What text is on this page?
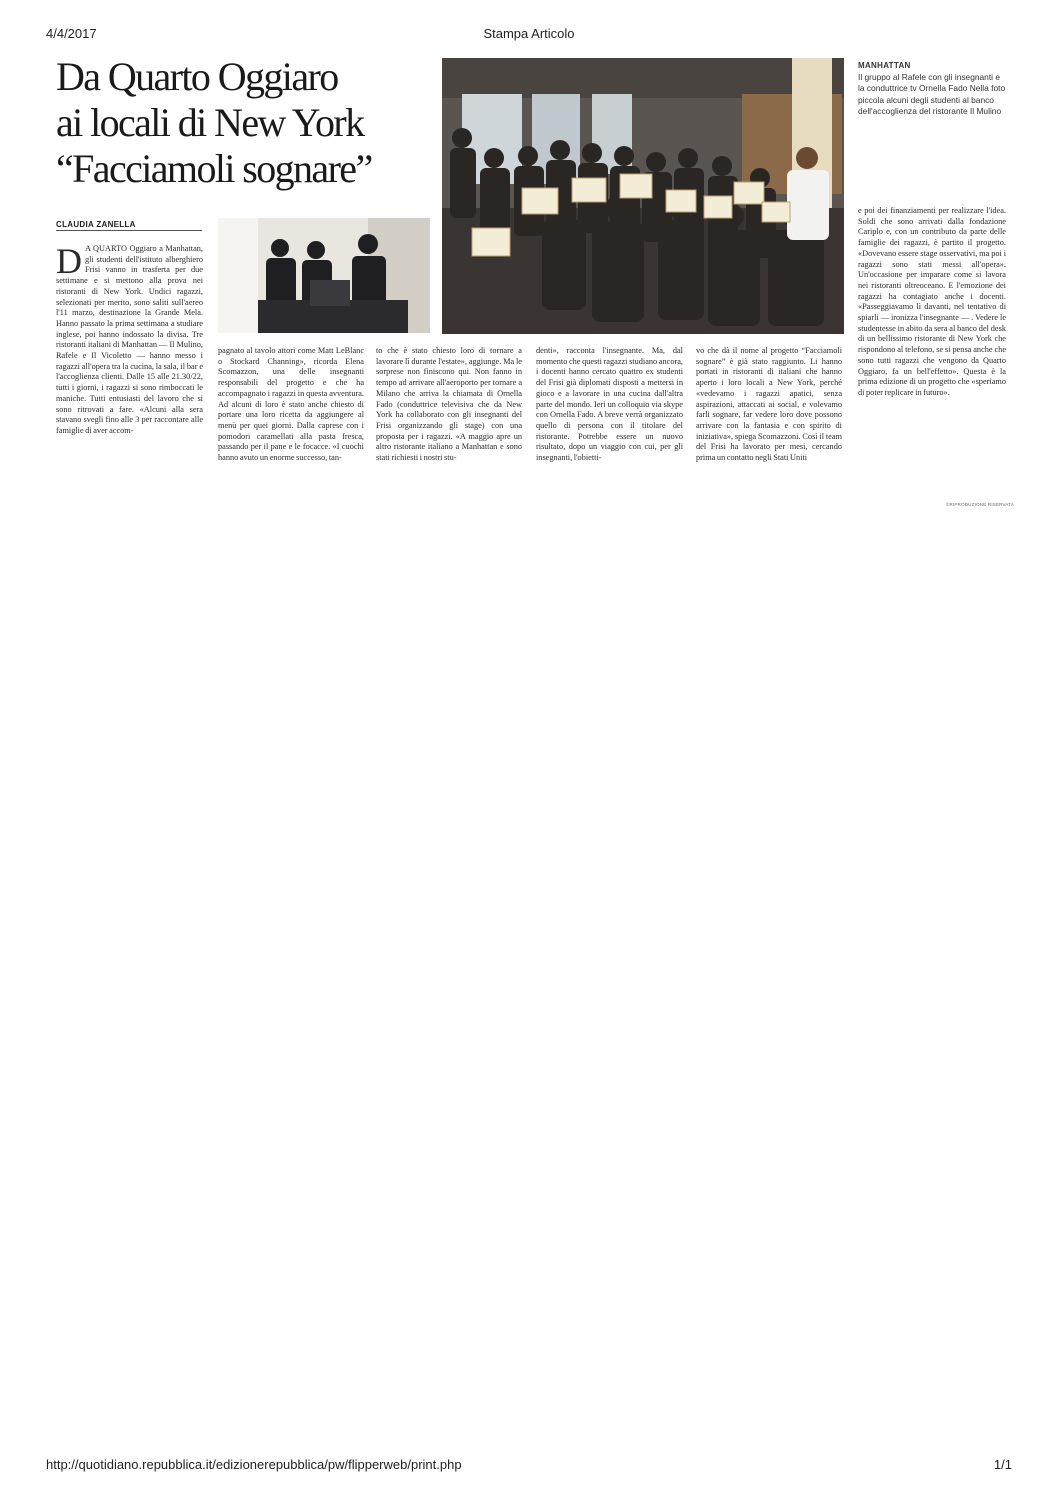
4/4/2017	Stampa Articolo
Da Quarto Oggiaro
ai locali di New York
“Facciamoli sognare”
CLAUDIA ZANELLA
MANHATTAN
Il gruppo al Rafele con gli insegnanti e la conduttrice tv Ornella Fado Nella foto piccola alcuni degli studenti al banco dell'accoglienza del ristorante Il Mulino
D A QUARTO Oggiaro a Manhattan, gli studenti dell'istituto alberghiero Frisi vanno in trasferta per due settimane e si mettono alla prova nei ristoranti di New York. Undici ragazzi, selezionati per merito, sono saliti sull'aereo l'11 marzo, destinazione la Grande Mela. Hanno passato la prima settimana a studiare inglese, poi hanno indossato la divisa. Tre ristoranti italiani di Manhattan — Il Mulino, Rafele e Il Vicoletto — hanno messo i ragazzi all'opera tra la cucina, la sala, il bar e l'accoglienza clienti. Dalle 15 alle 21.30/22, tutti i giorni, i ragazzi si sono rimboccati le maniche. Tutti entusiasti del lavoro che si sono ritrovati a fare. «Alcuni alla sera stavano svegli fino alle 3 per raccontare alle famiglie di aver accom-

pagnato al tavolo attori come Matt LeBlanc o Stockard Channing», ricorda Elena Scomazzon, una delle insegnanti responsabili del progetto e che ha accompagnato i ragazzi in questa avventura. Ad alcuni di loro è stato anche chiesto di portare una loro ricetta da aggiungere al menù per quei giorni. Dalla caprese con i pomodori caramellati alla pasta fresca, passando per il pane e le focacce. «I cuochi hanno avuto un enorme successo, tan-

to che è stato chiesto loro di tornare a lavorare lì durante l'estate», aggiunge. Ma le sorprese non finiscono qui. Non fanno in tempo ad arrivare all'aeroporto per tornare a Milano che arriva la chiamata di Ornella Fado (conduttrice televisiva che da New York ha collaborato con gli insegnanti del Frisi organizzando gli stage) con una proposta per i ragazzi. «A maggio apre un altro ristorante italiano a Manhattan e sono stati richiesti i nostri stu-

denti», racconta l'insegnante. Ma, dal momento che questi ragazzi studiano ancora, i docenti hanno cercato quattro ex studenti del Frisi già diplomati disposti a mettersi in gioco e a lavorare in una cucina dall'altra parte del mondo. Ieri un colloquio via skype con Ornella Fado. A breve verrà organizzato quello di persona con il titolare del ristorante. Potrebbe essere un nuovo risultato, dopo un viaggio con cui, per gli insegnanti, l'obietti-

vo che dà il nome al progetto “Facciamoli sognare” è già stato raggiunto. Li hanno portati in ristoranti di italiani che hanno aperto i loro locali a New York, perché «vedevamo i ragazzi apatici, senza aspirazioni, attaccati ai social, e volevamo farli sognare, far vedere loro dove possono arrivare con la fantasia e con spirito di iniziativa», spiega Scomazzoni. Così il team del Frisi ha lavorato per mesi, cercando prima un contatto negli Stati Uniti

e poi dei finanziamenti per realizzare l'idea. Soldi che sono arrivati dalla fondazione Cariplo e, con un contributo da parte delle famiglie dei ragazzi, è partito il progetto. «Dovevano essere stage osservativi, ma poi i ragazzi sono stati messi all'opera». Un'occasione per imparare come si lavora nei ristoranti oltreoceano. E l'emozione dei ragazzi ha contagiato anche i docenti. «Passeggiavamo lì davanti, nel tentativo di spiarli — ironizza l'insegnante — . Vedere le studentesse in abito da sera al banco del desk di un bellissimo ristorante di New York che rispondono al telefono, se si pensa anche che sono tutti ragazzi che vengono da Quarto Oggiaro, fa un bell'effetto». Questa è la prima edizione di un progetto che «speriamo di poter replicare in futuro».

©RIPRODUZIONE RISERVATA
http://quotidiano.repubblica.it/edizionerepubblica/pw/flipperweb/print.php	1/1
